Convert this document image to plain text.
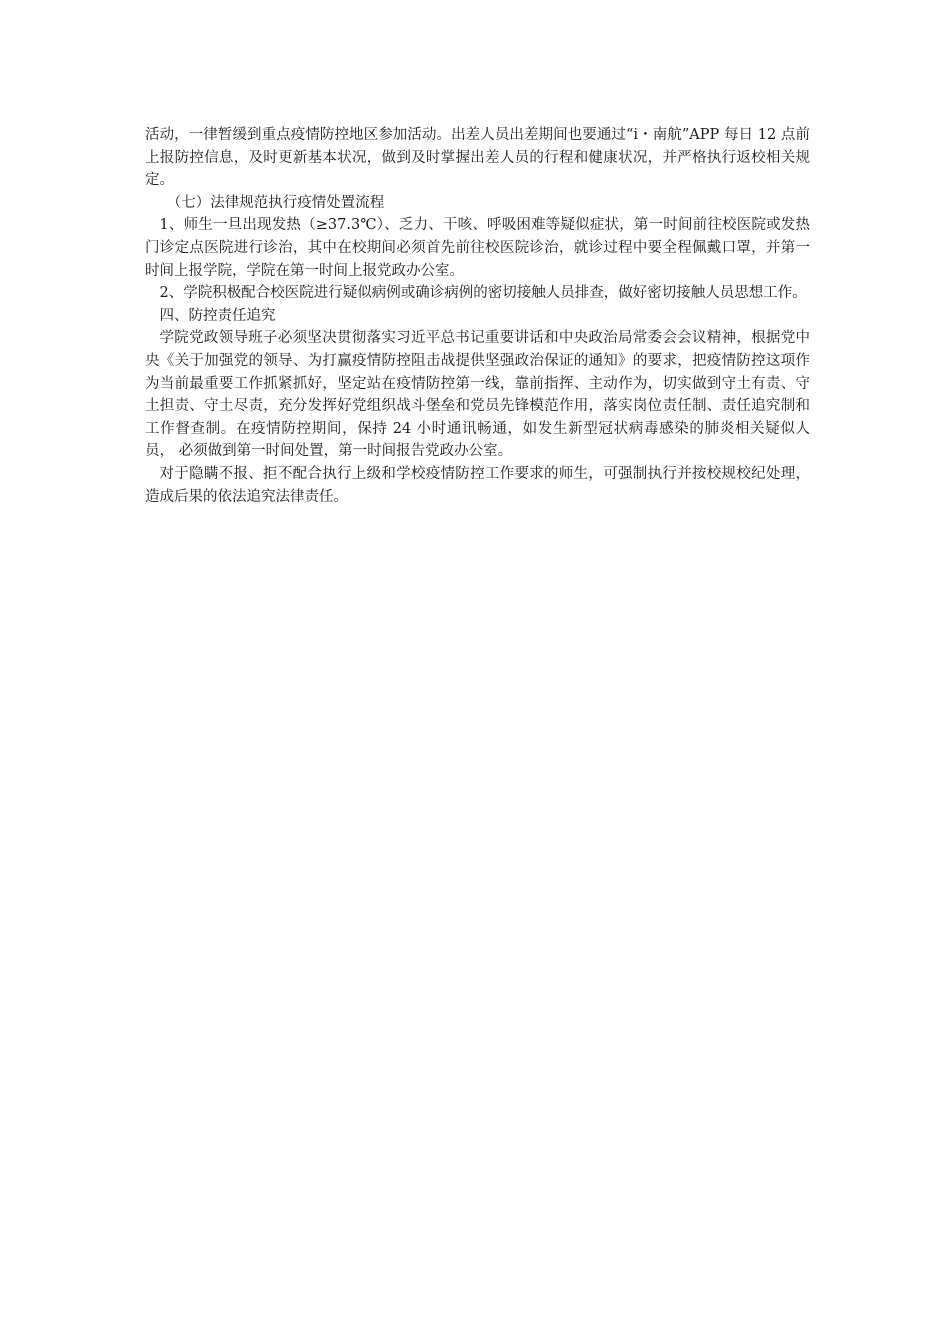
活动，一律暂缓到重点疫情防控地区参加活动。出差人员出差期间也要通过“i・南航”APP 每日 12 点前上报防控信息，及时更新基本状况，做到及时掌握出差人员的行程和健康状况，并严格执行返校相关规定。

（七）法律规范执行疫情处置流程

1、师生一旦出现发热（≥37.3℃）、乏力、干咳、呼吸困难等疑似症状，第一时间前往校医院或发热门诊定点医院进行诊治，其中在校期间必须首先前往校医院诊治，就诊过程中要全程佩戴口罩，并第一时间上报学院，学院在第一时间上报党政办公室。

2、学院积极配合校医院进行疑似病例或确诊病例的密切接触人员排查，做好密切接触人员思想工作。

四、防控责任追究

学院党政领导班子必须坚决贯彻落实习近平总书记重要讲话和中央政治局常委会会议精神，根据党中央《关于加强党的领导、为打赢疫情防控阻击战提供坚强政治保证的通知》的要求，把疫情防控这项作为当前最重要工作抓紧抓好，坚定站在疫情防控第一线，靠前指挥、主动作为，切实做到守土有责、守土担责、守土尽责，充分发挥好党组织战斗堡垒和党员先锋模范作用，落实岗位责任制、责任追究制和工作督查制。在疫情防控期间，保持 24 小时通讯畅通，如发生新型冠状病毒感染的肺炎相关疑似人员， 必须做到第一时间处置，第一时间报告党政办公室。

对于隐瞒不报、拒不配合执行上级和学校疫情防控工作要求的师生，可强制执行并按校规校纪处理，造成后果的依法追究法律责任。
